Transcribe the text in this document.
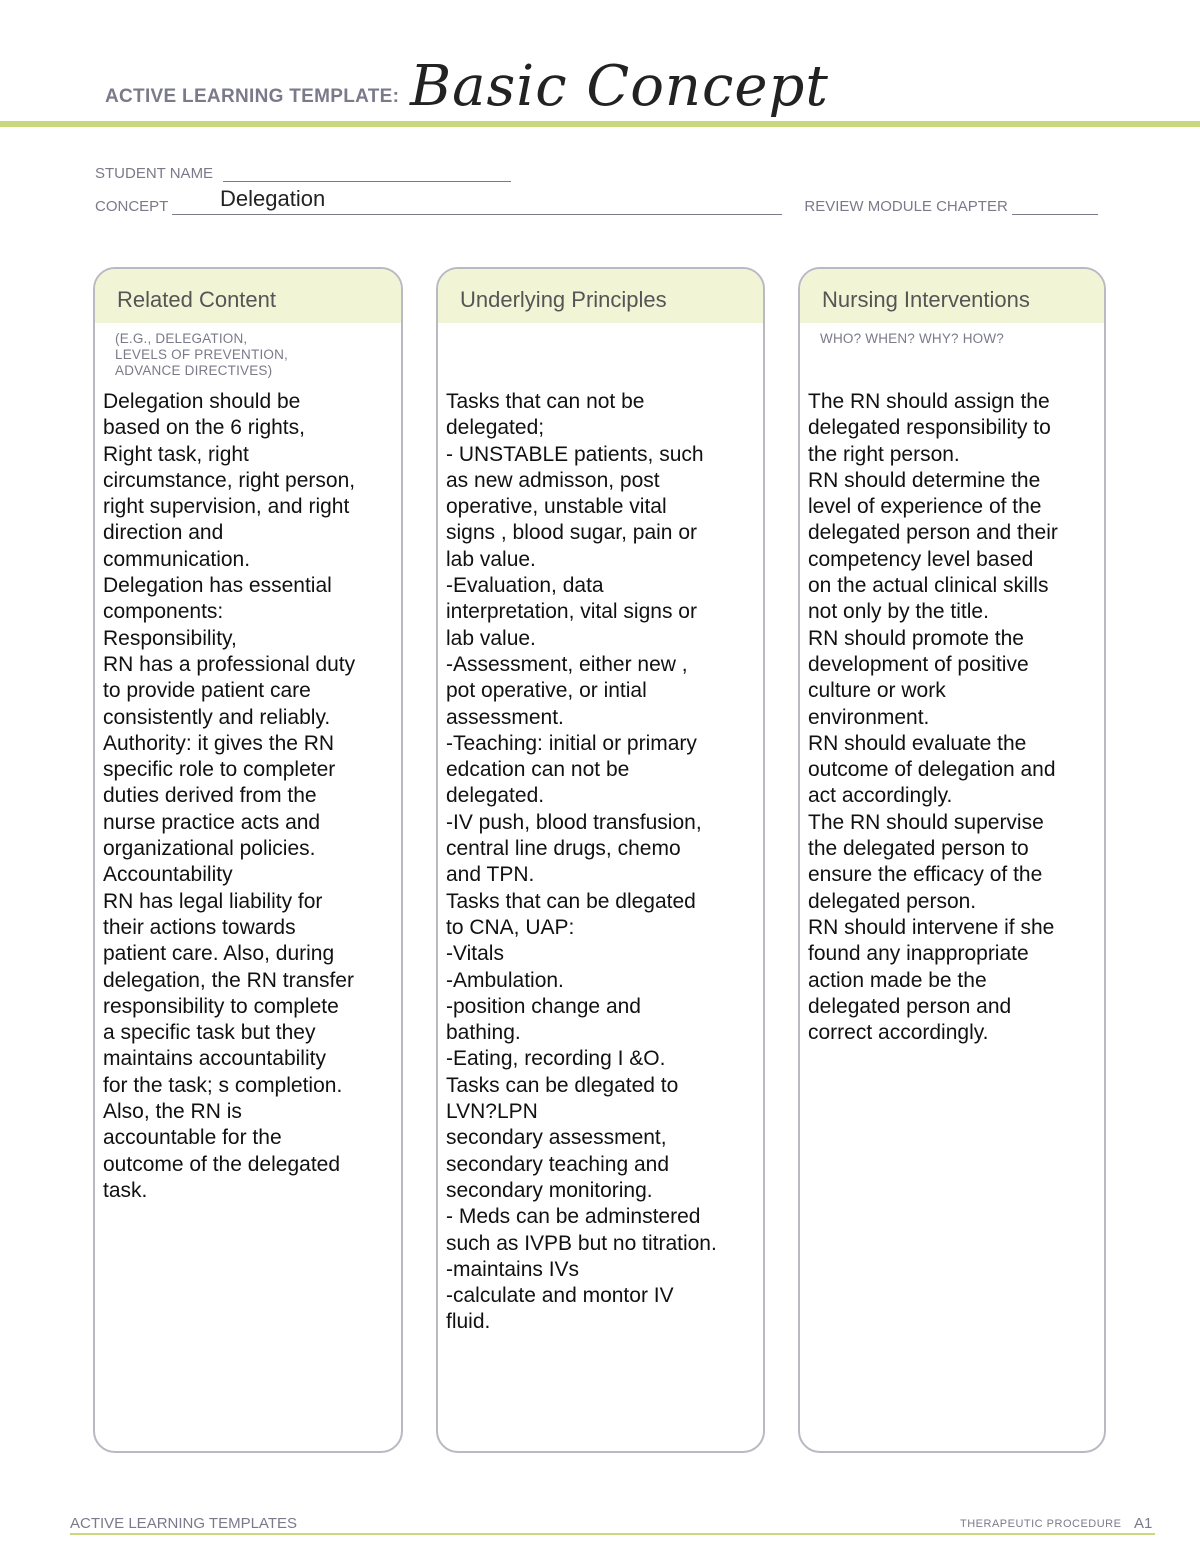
ACTIVE LEARNING TEMPLATE: Basic Concept
STUDENT NAME
CONCEPT	REVIEW MODULE CHAPTER
Delegation
Related Content
(E.G., DELEGATION,
LEVELS OF PREVENTION,
ADVANCE DIRECTIVES)
Delegation should be
based on the 6 rights,
Right task, right
circumstance, right person,
right supervision, and right
direction and
communication.
Delegation has essential
components:
Responsibility,
RN has a professional duty
to provide patient care
consistently and reliably.
Authority: it gives the RN
specific role to completer
duties derived from the
nurse practice acts and
organizational policies.
Accountability
RN has legal liability for
their actions towards
patient care. Also, during
delegation, the RN transfer
responsibility to complete
a specific task but they
maintains accountability
for the task; s completion.
Also, the RN is
accountable for the
outcome of the delegated
task.
Underlying Principles
Tasks that can not be
delegated;
- UNSTABLE patients, such
as new admisson, post
operative, unstable vital
signs , blood sugar, pain or
lab value.
-Evaluation, data
interpretation, vital signs or
lab value.
-Assessment, either new ,
pot operative, or intial
assessment.
-Teaching: initial or primary
edcation can not be
delegated.
-IV push, blood transfusion,
central line drugs, chemo
and TPN.
Tasks that can be dlegated
to CNA, UAP:
-Vitals
-Ambulation.
-position change and
bathing.
-Eating, recording I &O.
Tasks can be dlegated to
LVN?LPN
secondary assessment,
secondary teaching and
secondary monitoring.
- Meds can be adminstered
such as IVPB but no titration.
-maintains IVs
-calculate and montor IV
fluid.
Nursing Interventions
WHO? WHEN? WHY? HOW?
The RN should assign the
delegated responsibility to
the right person.
RN should determine the
level of experience of the
delegated person and their
competency level based
on the actual clinical skills
not only by the title.
RN should promote the
development of positive
culture or work
environment.
RN should evaluate the
outcome of delegation and
act accordingly.
The RN should supervise
the delegated person to
ensure the efficacy of the
delegated person.
RN should intervene if she
found any inappropriate
action made be the
delegated person and
correct accordingly.
ACTIVE LEARNING TEMPLATES	THERAPEUTIC PROCEDURE A1
